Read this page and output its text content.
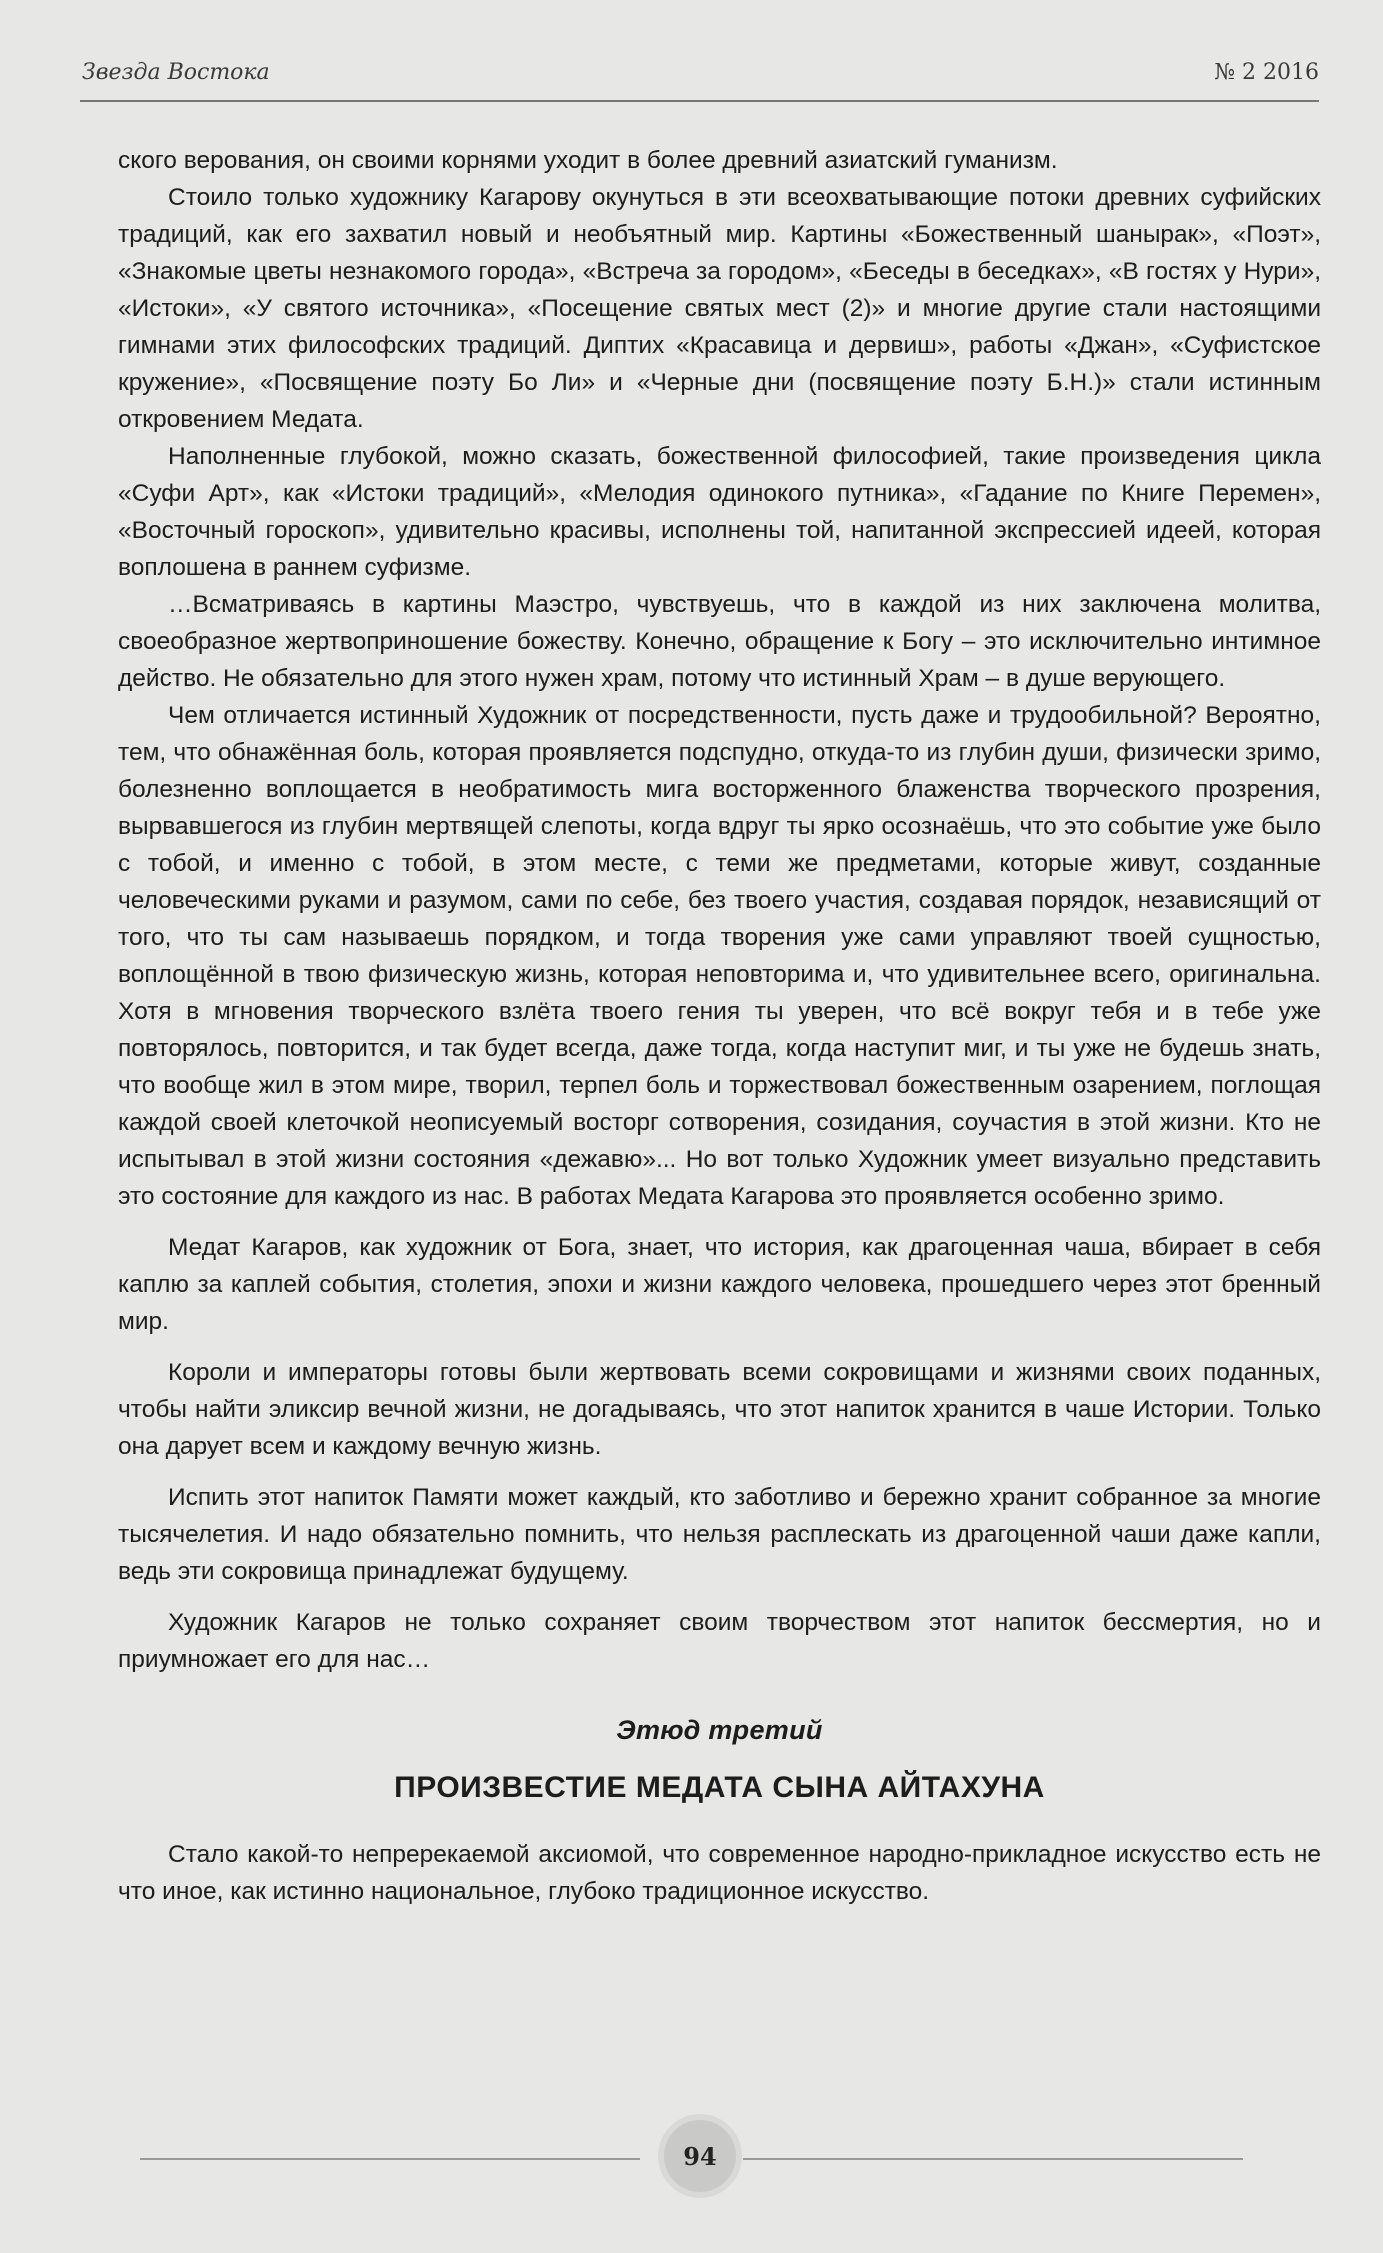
Звезда Востока	№ 2 2016

ского верования, он своими корнями уходит в более древний азиатский гуманизм.

Стоило только художнику Кагарову окунуться в эти всеохватывающие потоки древних суфийских традиций, как его захватил новый и необъятный мир. Картины «Божественный шанырак», «Поэт», «Знакомые цветы незнакомого города», «Встреча за городом», «Беседы в беседках», «В гостях у Нури», «Истоки», «У святого источника», «Посещение святых мест (2)» и многие другие стали настоящими гимнами этих философских традиций. Диптих «Красавица и дервиш», работы «Джан», «Суфистское кружение», «Посвящение поэту Бо Ли» и «Черные дни (посвящение поэту Б.Н.)» стали истинным откровением Медата.

Наполненные глубокой, можно сказать, божественной философией, такие произведения цикла «Суфи Арт», как «Истоки традиций», «Мелодия одинокого путника», «Гадание по Книге Перемен», «Восточный гороскоп», удивительно красивы, исполнены той, напитанной экспрессией идеей, которая воплошена в раннем суфизме.

…Всматриваясь в картины Маэстро, чувствуешь, что в каждой из них заключена молитва, своеобразное жертвоприношение божеству. Конечно, обращение к Богу – это исключительно интимное действо. Не обязательно для этого нужен храм, потому что истинный Храм – в душе верующего.

Чем отличается истинный Художник от посредственности, пусть даже и трудообильной? Вероятно, тем, что обнажённая боль, которая проявляется подспудно, откуда-то из глубин души, физически зримо, болезненно воплощается в необратимость мига восторженного блаженства творческого прозрения, вырвавшегося из глубин мертвящей слепоты, когда вдруг ты ярко осознаёшь, что это событие уже было с тобой, и именно с тобой, в этом месте, с теми же предметами, которые живут, созданные человеческими руками и разумом, сами по себе, без твоего участия, создавая порядок, независящий от того, что ты сам называешь порядком, и тогда творения уже сами управляют твоей сущностью, воплощённой в твою физическую жизнь, которая неповторима и, что удивительнее всего, оригинальна. Хотя в мгновения творческого взлёта твоего гения ты уверен, что всё вокруг тебя и в тебе уже повторялось, повторится, и так будет всегда, даже тогда, когда наступит миг, и ты уже не будешь знать, что вообще жил в этом мире, творил, терпел боль и торжествовал божественным озарением, поглощая каждой своей клеточкой неописуемый восторг сотворения, созидания, соучастия в этой жизни. Кто не испытывал в этой жизни состояния «дежавю»... Но вот только Художник умеет визуально представить это состояние для каждого из нас. В работах Медата Кагарова это проявляется особенно зримо.

Медат Кагаров, как художник от Бога, знает, что история, как драгоценная чаша, вбирает в себя каплю за каплей события, столетия, эпохи и жизни каждого человека, прошедшего через этот бренный мир.

Короли и императоры готовы были жертвовать всеми сокровищами и жизнями своих поданных, чтобы найти эликсир вечной жизни, не догадываясь, что этот напиток хранится в чаше Истории. Только она дарует всем и каждому вечную жизнь.

Испить этот напиток Памяти может каждый, кто заботливо и бережно хранит собранное за многие тысячелетия. И надо обязательно помнить, что нельзя расплескать из драгоценной чаши даже капли, ведь эти сокровища принадлежат будущему.

Художник Кагаров не только сохраняет своим творчеством этот напиток бессмертия, но и приумножает его для нас…

Этюд третий
ПРОИЗВЕСТИЕ МЕДАТА СЫНА АЙТАХУНА

Стало какой-то непререкаемой аксиомой, что современное народно-прикладное искусство есть не что иное, как истинно национальное, глубоко традиционное искусство.

94
